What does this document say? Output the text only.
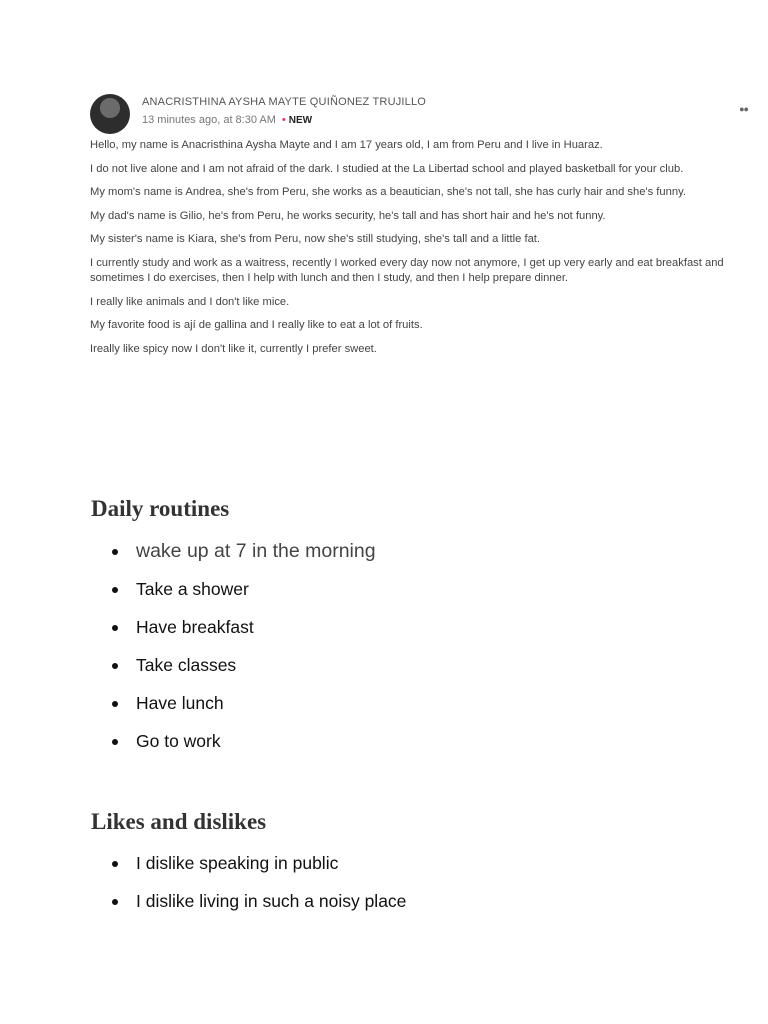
ANACRISTHINA AYSHA MAYTE QUIÑONEZ TRUJILLO
13 minutes ago, at 8:30 AM • NEW
●●

Hello, my name is Anacristhina Aysha Mayte and I am 17 years old, I am from Peru and I live in Huaraz.

I do not live alone and I am not afraid of the dark. I studied at the La Libertad school and played basketball for your club.

My mom's name is Andrea, she's from Peru, she works as a beautician, she's not tall, she has curly hair and she's funny.

My dad's name is Gilio, he's from Peru, he works security, he's tall and has short hair and he's not funny.

My sister's name is Kiara, she's from Peru, now she's still studying, she's tall and a little fat.

I currently study and work as a waitress, recently I worked every day now not anymore, I get up very early and eat breakfast and sometimes I do exercises, then I help with lunch and then I study, and then I help prepare dinner.

I really like animals and I don't like mice.

My favorite food is ají de gallina and I really like to eat a lot of fruits.

Ireally like spicy now I don't like it, currently I prefer sweet.

Daily routines
wake up at 7 in the morning
Take a shower
Have breakfast
Take classes
Have lunch
Go to work
Likes and dislikes
I dislike speaking in public
I dislike living in such a noisy place
